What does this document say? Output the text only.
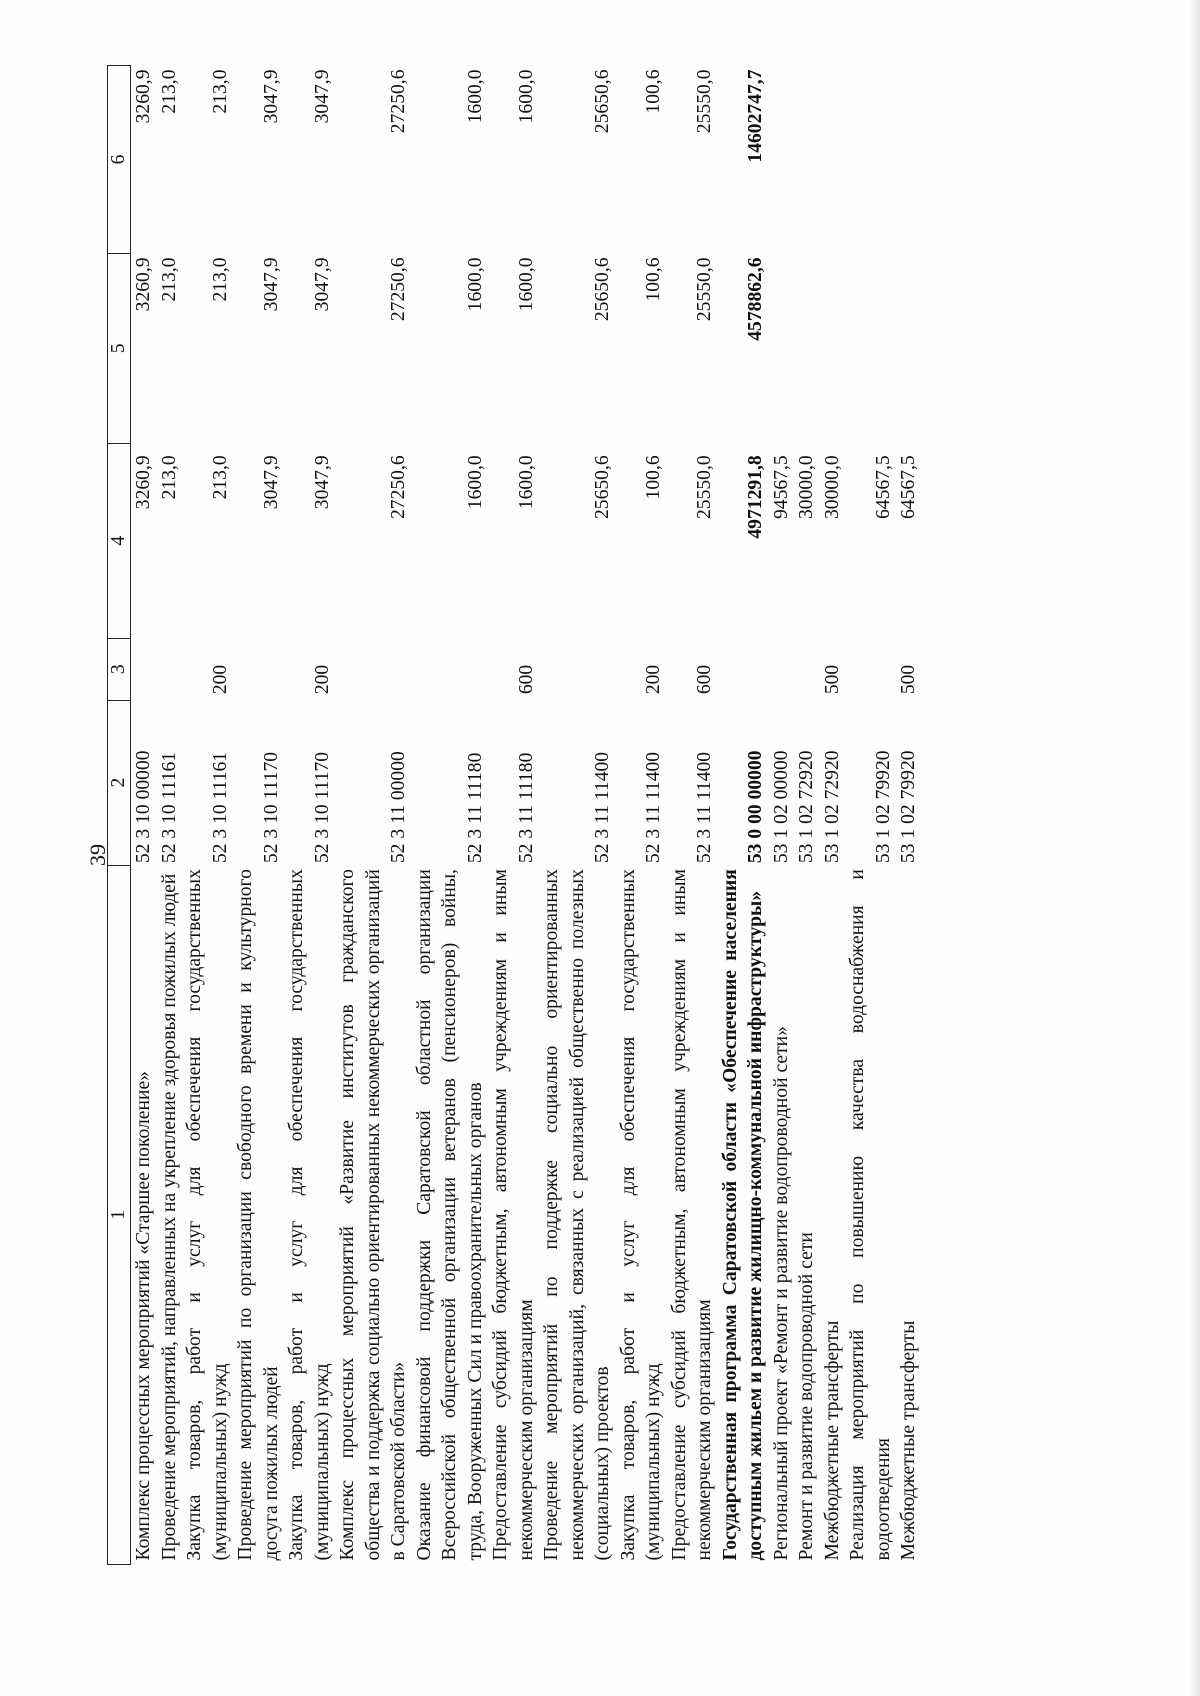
39
1	2	3	4	5	6
Комплекс процессных мероприятий «Старшее поколение»	52 3 10 00000		3260,9	3260,9	3260,9
Проведение мероприятий, направленных на укрепление здоровья пожилых людей	52 3 10 11161		213,0	213,0	213,0
Закупка товаров, работ и услуг для обеспечения государственных (муниципальных) нужд	52 3 10 11161	200	213,0	213,0	213,0
Проведение мероприятий по организации свободного времени и культурного досуга пожилых людей	52 3 10 11170		3047,9	3047,9	3047,9
Закупка товаров, работ и услуг для обеспечения государственных (муниципальных) нужд	52 3 10 11170	200	3047,9	3047,9	3047,9
Комплекс процессных мероприятий «Развитие институтов гражданского общества и поддержка социально ориентированных некоммерческих организаций в Саратовской области»	52 3 11 00000		27250,6	27250,6	27250,6
Оказание финансовой поддержки Саратовской областной организации Всероссийской общественной организации ветеранов (пенсионеров) войны, труда, Вооруженных Сил и правоохранительных органов	52 3 11 11180		1600,0	1600,0	1600,0
Предоставление субсидий бюджетным, автономным учреждениям и иным некоммерческим организациям	52 3 11 11180	600	1600,0	1600,0	1600,0
Проведение мероприятий по поддержке социально ориентированных некоммерческих организаций, связанных с реализацией общественно полезных (социальных) проектов	52 3 11 11400		25650,6	25650,6	25650,6
Закупка товаров, работ и услуг для обеспечения государственных (муниципальных) нужд	52 3 11 11400	200	100,6	100,6	100,6
Предоставление субсидий бюджетным, автономным учреждениям и иным некоммерческим организациям	52 3 11 11400	600	25550,0	25550,0	25550,0
Государственная программа Саратовской области «Обеспечение населения доступным жильем и развитие жилищно-коммунальной инфраструктуры»	53 0 00 00000		4971291,8	4578862,6	14602747,7
Региональный проект «Ремонт и развитие водопроводной сети»	53 1 02 00000		94567,5		
Ремонт и развитие водопроводной сети	53 1 02 72920		30000,0		
Межбюджетные трансферты	53 1 02 72920	500	30000,0		
Реализация мероприятий по повышению качества водоснабжения и водоотведения	53 1 02 79920		64567,5		
Межбюджетные трансферты	53 1 02 79920	500	64567,5		
